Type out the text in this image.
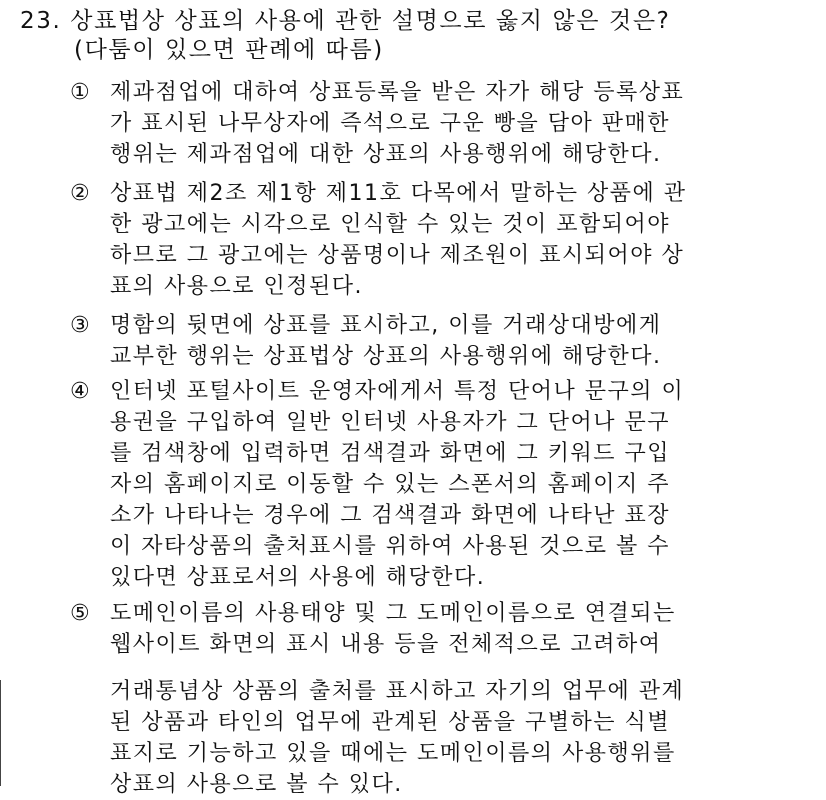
23. 상표법상 상표의 사용에 관한 설명으로 옳지 않은 것은?
(다툼이 있으면 판례에 따름)
① 제과점업에 대하여 상표등록을 받은 자가 해당 등록상표
가 표시된 나무상자에 즉석으로 구운 빵을 담아 판매한
행위는 제과점업에 대한 상표의 사용행위에 해당한다.
② 상표법 제2조 제1항 제11호 다목에서 말하는 상품에 관
한 광고에는 시각으로 인식할 수 있는 것이 포함되어야
하므로 그 광고에는 상품명이나 제조원이 표시되어야 상
표의 사용으로 인정된다.
③ 명함의 뒷면에 상표를 표시하고, 이를 거래상대방에게
교부한 행위는 상표법상 상표의 사용행위에 해당한다.
④ 인터넷 포털사이트 운영자에게서 특정 단어나 문구의 이
용권을 구입하여 일반 인터넷 사용자가 그 단어나 문구
를 검색창에 입력하면 검색결과 화면에 그 키워드 구입
자의 홈페이지로 이동할 수 있는 스폰서의 홈페이지 주
소가 나타나는 경우에 그 검색결과 화면에 나타난 표장
이 자타상품의 출처표시를 위하여 사용된 것으로 볼 수
있다면 상표로서의 사용에 해당한다.
⑤ 도메인이름의 사용태양 및 그 도메인이름으로 연결되는
웹사이트 화면의 표시 내용 등을 전체적으로 고려하여
거래통념상 상품의 출처를 표시하고 자기의 업무에 관계
된 상품과 타인의 업무에 관계된 상품을 구별하는 식별
표지로 기능하고 있을 때에는 도메인이름의 사용행위를
상표의 사용으로 볼 수 있다.
